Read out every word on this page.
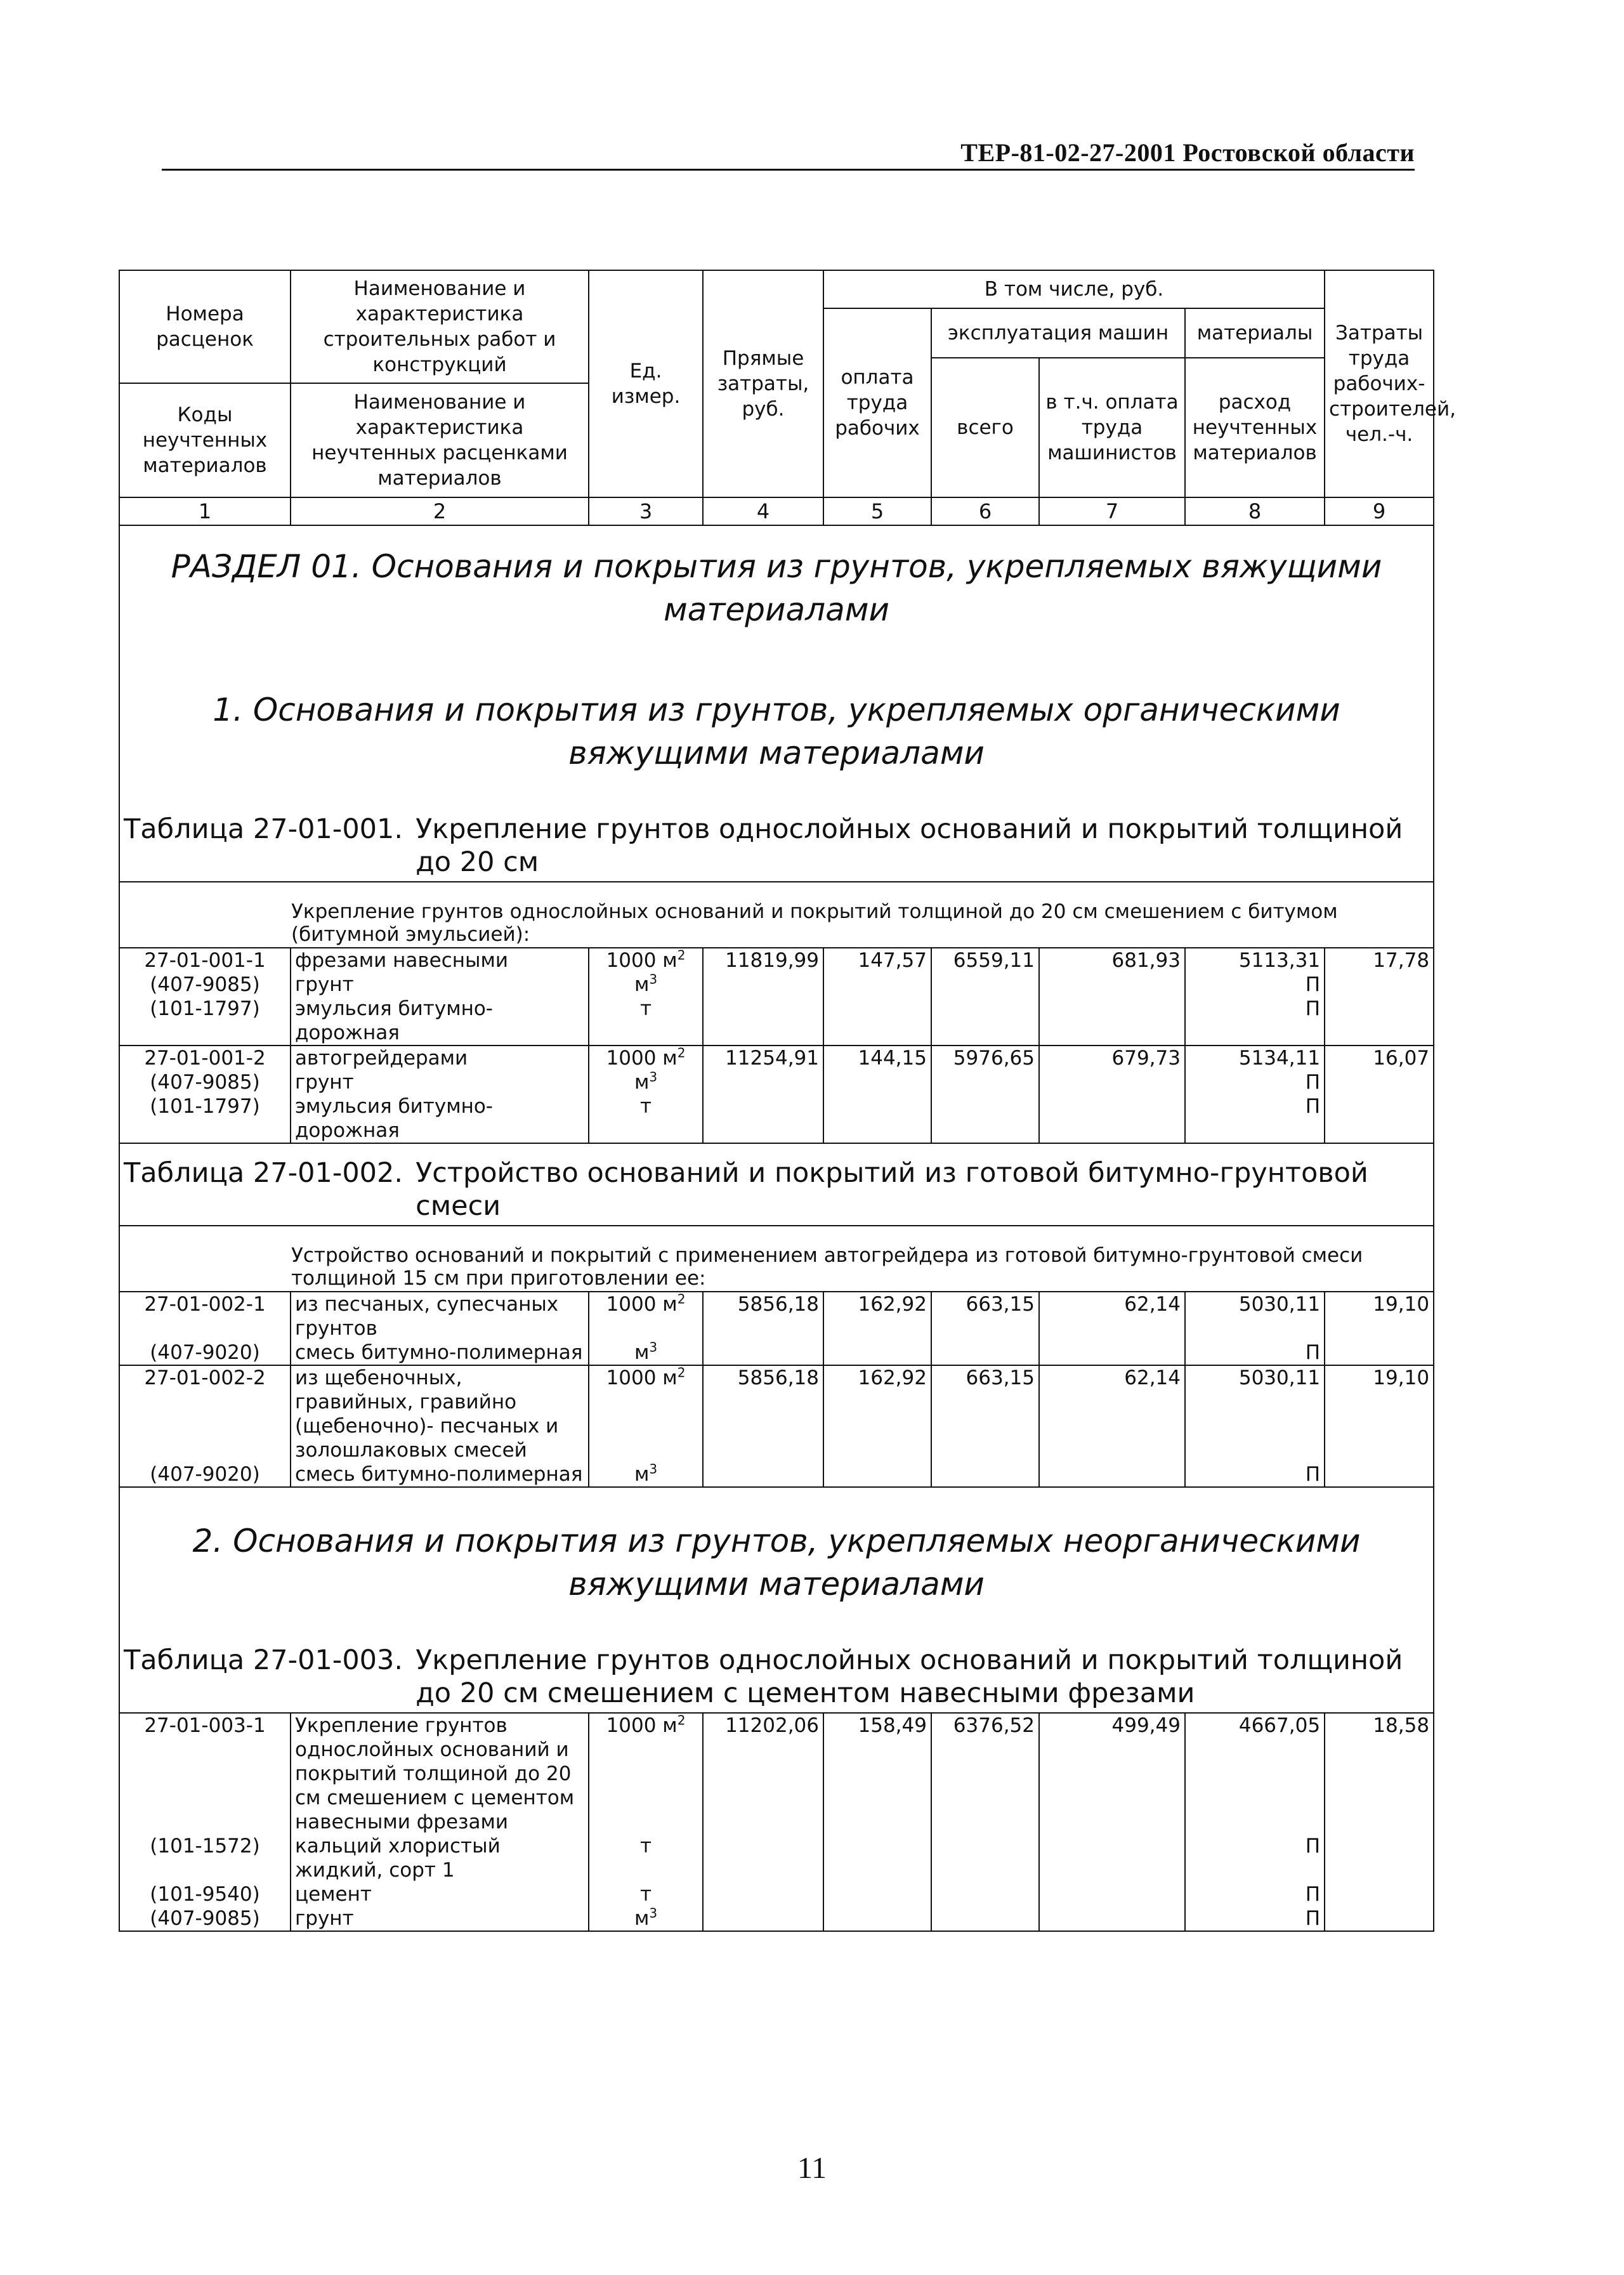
ТЕР-81-02-27-2001 Ростовской области
Номера расценок	Наименование и характеристика строительных работ и конструкций	Ед. измер.	Прямые затраты, руб.	В том числе, руб.				Затраты труда рабочих-строителей, чел.-ч.
				оплата труда рабочих	эксплуатация машин		материалы	
					всего	в т.ч. оплата труда машинистов	расход неучтенных материалов	
Коды неучтенных материалов	Наименование и характеристика неучтенных расценками материалов							

1	2	3	4	5	6	7	8	9
РАЗДЕЛ 01. Основания и покрытия из грунтов, укрепляемых вяжущими материалами								
1. Основания и покрытия из грунтов, укрепляемых органическими вяжущими материалами								

Таблица 27-01-001. Укрепление грунтов однослойных оснований и покрытий толщиной до 20 см								

Укрепление грунтов однослойных оснований и покрытий толщиной до 20 см смешением с битумом (битумной эмульсией):								
27-01-001-1	фрезами навесными	1000 $м^2$	11819,99	147,57	6559,11	681,93	5113,31	17,78
(407-9085)	грунт	$м^3$					П	
(101-1797)	эмульсия битумно-дорожная	т					П	
27-01-001-2	автогрейдерами	1000 $м^2$	11254,91	144,15	5976,65	679,73	5134,11	16,07
(407-9085)	грунт	$м^3$					П	
(101-1797)	эмульсия битумно-дорожная	т					П	

Таблица 27-01-002. Устройство оснований и покрытий из готовой битумно-грунтовой смеси								

Устройство оснований и покрытий с применением автогрейдера из готовой битумно-грунтовой смеси толщиной 15 см при приготовлении ее:								
27-01-002-1	из песчаных, супесчаных грунтов	1000 $м^2$	5856,18	162,92	663,15	62,14	5030,11	19,10
(407-9020)	смесь битумно-полимерная	$м^3$					П	
27-01-002-2	из щебеночных, гравийных, гравийно (щебеночно)- песчаных и золошлаковых смесей	1000 $м^2$	5856,18	162,92	663,15	62,14	5030,11	19,10
(407-9020)	смесь битумно-полимерная	$м^3$					П	
2. Основания и покрытия из грунтов, укрепляемых неорганическими вяжущими материалами								

Таблица 27-01-003. Укрепление грунтов однослойных оснований и покрытий толщиной до 20 см смешением с цементом навесными фрезами								

27-01-003-1	Укрепление грунтов однослойных оснований и покрытий толщиной до 20 см смешением с цементом навесными фрезами	1000 $м^2$	11202,06	158,49	6376,52	499,49	4667,05	18,58
(101-1572)	кальций хлористый жидкий, сорт 1	т					П	
(101-9540)	цемент	т					П	
(407-9085)	грунт	$м^3$					П	
11
